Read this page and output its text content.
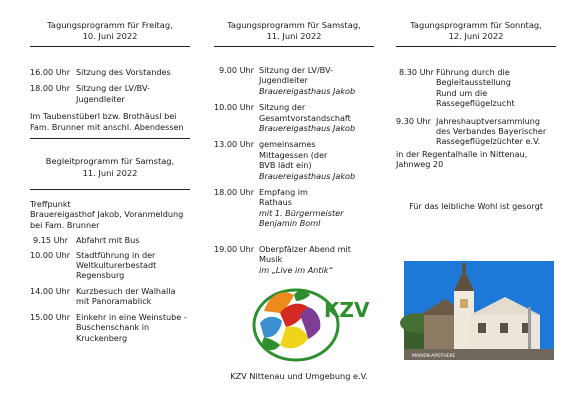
Tagungsprogramm für Freitag,
10. Juni 2022
16.00 Uhr Sitzung des Vorstandes
18.00 Uhr Sitzung der LV/BV-Jugendleiter
Im Taubenstüberl bzw. Brothäusl bei Fam. Brunner mit anschl. Abendessen
Begleitprogramm für Samstag,
11. Juni 2022
Treffpunkt
Brauereigasthof Jakob, Voranmeldung bei Fam. Brunner
9.15 Uhr Abfahrt mit Bus
10.00 Uhr Stadtführung in der Weltkulturerbestadt Regensburg
14.00 Uhr Kurzbesuch der Walhalla mit Panoramablick
15.00 Uhr Einkehr in eine Weinstube - Buschenschank in Kruckenberg
Tagungsprogramm für Samstag,
11. Juni 2022
9.00 Uhr Sitzung der LV/BV-Jugendleiter
Brauereigasthaus Jakob
10.00 Uhr Sitzung der Gesamtvorstandschaft
Brauereigasthaus Jakob
13.00 Uhr gemeinsames Mittagessen (der BVB lädt ein)
Brauereigasthaus Jakob
18.00 Uhr Empfang im Rathaus
mit 1. Bürgermeister Benjamin Boml
19.00 Uhr Oberpfälzer Abend mit Musik
im „Live im Antik“
KZV
KZV Nittenau und Umgebung e.V.
Tagungsprogramm für Sonntag,
12. Juni 2022
8.30 Uhr Führung durch die Begleitausstellung Rund um die Rassegeflügelzucht
9.30 Uhr Jahreshauptversammlung des Verbandes Bayerischer Rassegeflügelzüchter e.V.
in der Regentalhalle in Nittenau, Jahnweg 20
Für das leibliche Wohl ist gesorgt
MARIEN-APOTHEKE
